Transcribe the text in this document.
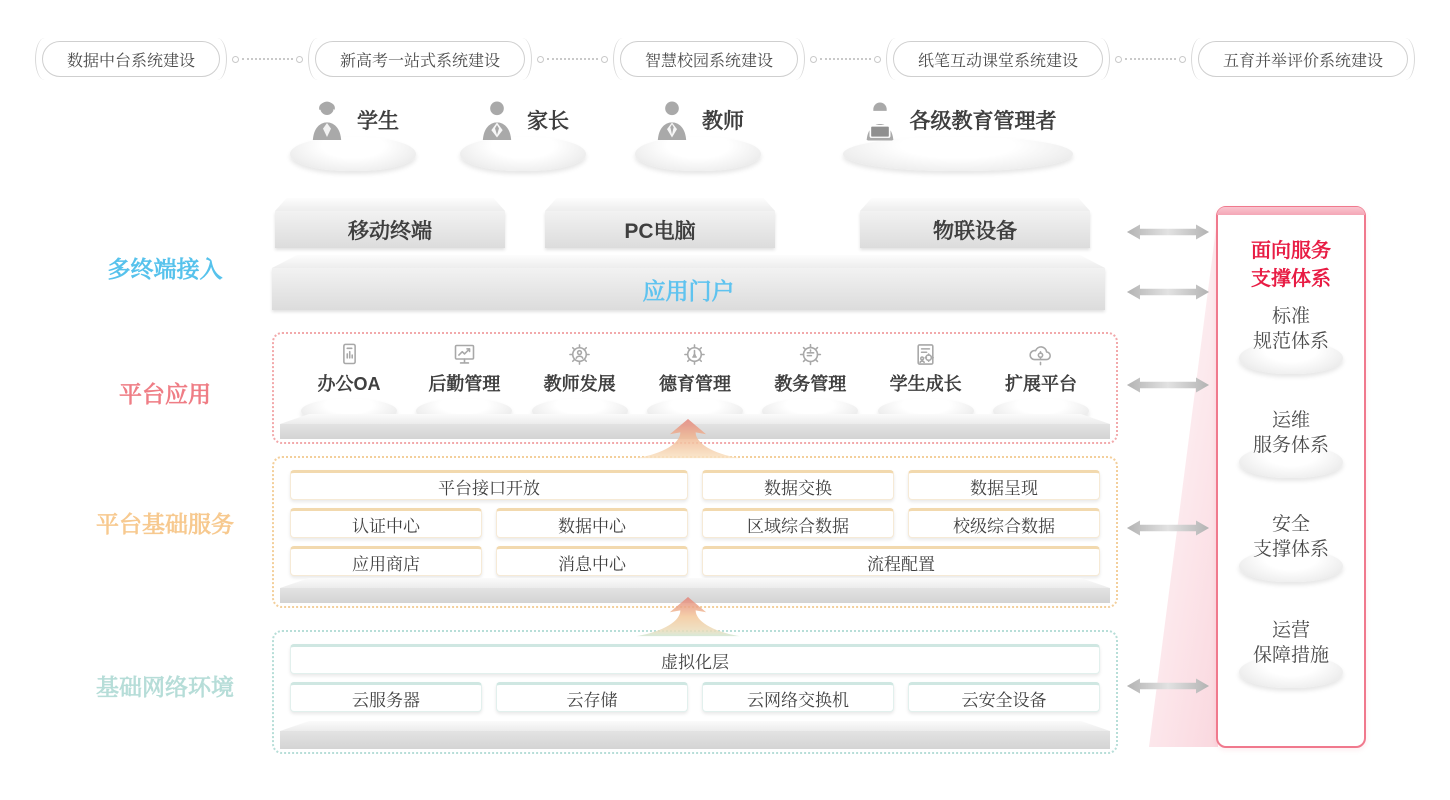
数据中台系统建设	新高考一站式系统建设	智慧校园系统建设	纸笔互动课堂系统建设	五育并举评价系统建设
学生	家长	教师	各级教育管理者
多终端接入
平台应用
平台基础服务
基础网络环境
移动终端	PC电脑	物联设备
应用门户
办公OA	后勤管理 教师发展 德育管理 教务管理 学生成长 扩展平台
平台接口开放	数据交换	数据呈现
认证中心	数据中心	区域综合数据	校级综合数据
应用商店	消息中心	流程配置
虚拟化层
云服务器	云存储	云网络交换机	云安全设备
面向服务
支撑体系
标准
规范体系
运维
服务体系
安全
支撑体系
运营
保障措施
